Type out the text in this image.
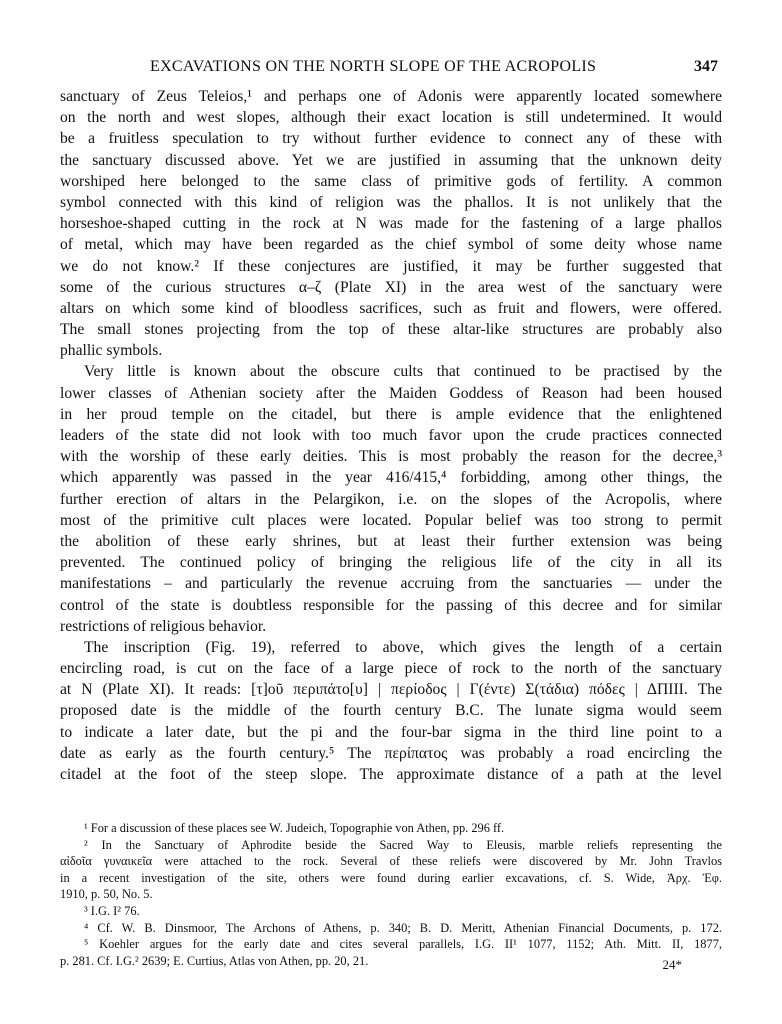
EXCAVATIONS ON THE NORTH SLOPE OF THE ACROPOLIS	347
sanctuary of Zeus Teleios,¹ and perhaps one of Adonis were apparently located somewhere
on the north and west slopes, although their exact location is still undetermined. It would
be a fruitless speculation to try without further evidence to connect any of these with
the sanctuary discussed above. Yet we are justified in assuming that the unknown deity
worshiped here belonged to the same class of primitive gods of fertility. A common
symbol connected with this kind of religion was the phallos. It is not unlikely that the
horseshoe-shaped cutting in the rock at N was made for the fastening of a large phallos
of metal, which may have been regarded as the chief symbol of some deity whose name
we do not know.² If these conjectures are justified, it may be further suggested that
some of the curious structures α–ζ (Plate XI) in the area west of the sanctuary were
altars on which some kind of bloodless sacrifices, such as fruit and flowers, were offered.
The small stones projecting from the top of these altar-like structures are probably also
phallic symbols.
Very little is known about the obscure cults that continued to be practised by the
lower classes of Athenian society after the Maiden Goddess of Reason had been housed
in her proud temple on the citadel, but there is ample evidence that the enlightened
leaders of the state did not look with too much favor upon the crude practices connected
with the worship of these early deities. This is most probably the reason for the decree,³
which apparently was passed in the year 416/415,⁴ forbidding, among other things, the
further erection of altars in the Pelargikon, i.e. on the slopes of the Acropolis, where
most of the primitive cult places were located. Popular belief was too strong to permit
the abolition of these early shrines, but at least their further extension was being
prevented. The continued policy of bringing the religious life of the city in all its
manifestations – and particularly the revenue accruing from the sanctuaries — under the
control of the state is doubtless responsible for the passing of this decree and for similar
restrictions of religious behavior.
The inscription (Fig. 19), referred to above, which gives the length of a certain
encircling road, is cut on the face of a large piece of rock to the north of the sanctuary
at N (Plate XI). It reads: [τ]οῦ περιπάτο[υ] | περίοδος | Γ(έντε) Σ(τάδια) πόδες | ΔΠΙΙΙ. The
proposed date is the middle of the fourth century B.C. The lunate sigma would seem
to indicate a later date, but the pi and the four-bar sigma in the third line point to a
date as early as the fourth century.⁵ The περίπατος was probably a road encircling the
citadel at the foot of the steep slope. The approximate distance of a path at the level
¹ For a discussion of these places see W. Judeich, Topographie von Athen, pp. 296 ff.
² In the Sanctuary of Aphrodite beside the Sacred Way to Eleusis, marble reliefs representing the
αἰδοῖα γυναικεῖα were attached to the rock. Several of these reliefs were discovered by Mr. John Travlos
in a recent investigation of the site, others were found during earlier excavations, cf. S. Wide, Ἀρχ. Ἐφ.
1910, p. 50, No. 5.
³ I.G. I² 76.
⁴ Cf. W. B. Dinsmoor, The Archons of Athens, p. 340; B. D. Meritt, Athenian Financial Documents, p. 172.
⁵ Koehler argues for the early date and cites several parallels, I.G. II¹ 1077, 1152; Ath. Mitt. II, 1877,
p. 281. Cf. I.G.² 2639; E. Curtius, Atlas von Athen, pp. 20, 21.	24*
